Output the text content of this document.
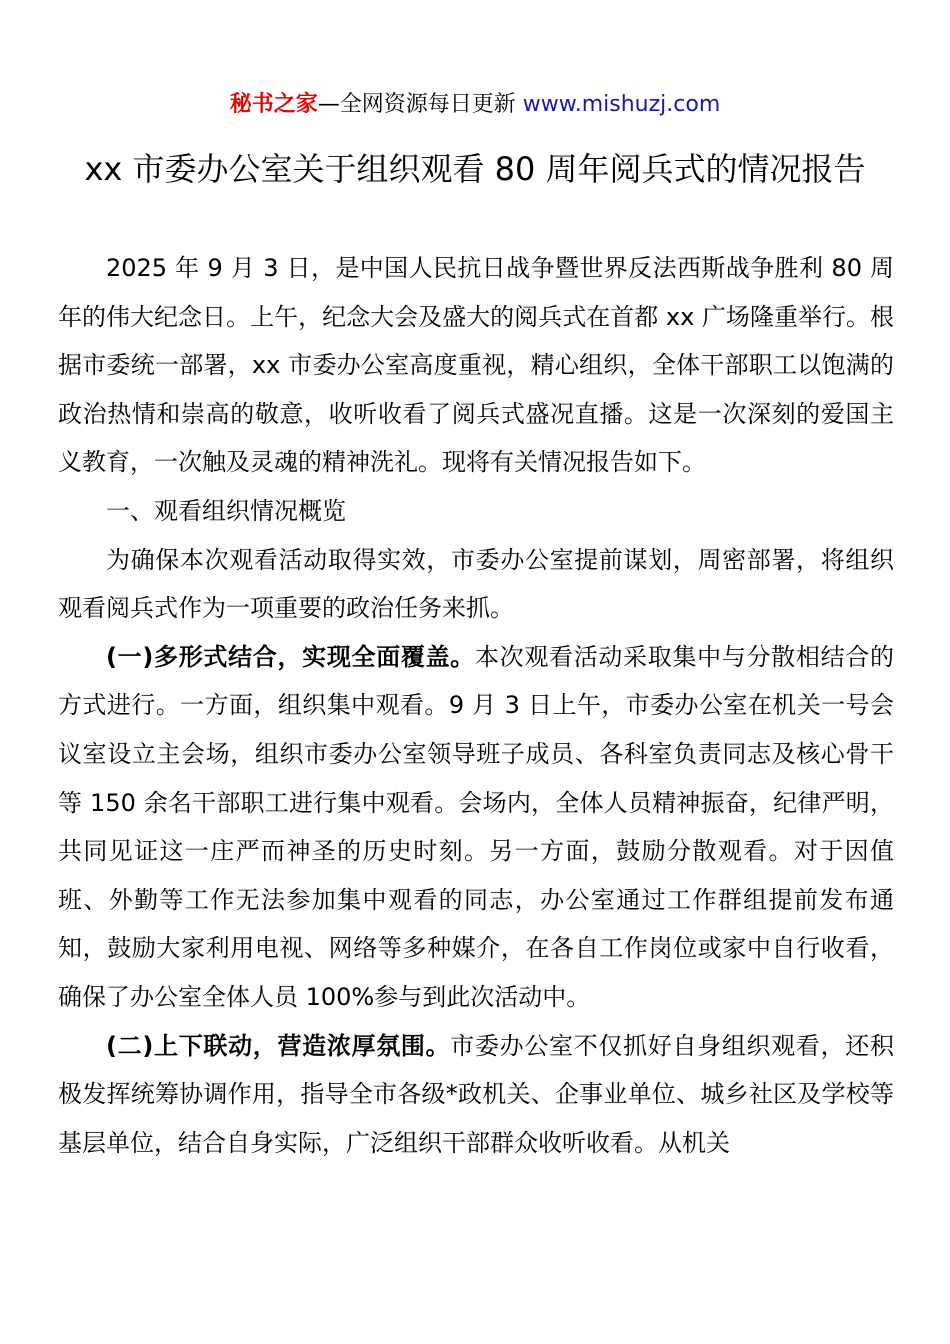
秘书之家—全网资源每日更新 www.mishuzj.com
xx 市委办公室关于组织观看 80 周年阅兵式的情况报告

2025 年 9 月 3 日，是中国人民抗日战争暨世界反法西斯战争胜利 80 周年的伟大纪念日。上午，纪念大会及盛大的阅兵式在首都 xx 广场隆重举行。根据市委统一部署，xx 市委办公室高度重视，精心组织，全体干部职工以饱满的政治热情和崇高的敬意，收听收看了阅兵式盛况直播。这是一次深刻的爱国主义教育，一次触及灵魂的精神洗礼。现将有关情况报告如下。

一、观看组织情况概览

为确保本次观看活动取得实效，市委办公室提前谋划，周密部署，将组织观看阅兵式作为一项重要的政治任务来抓。

(一)多形式结合，实现全面覆盖。本次观看活动采取集中与分散相结合的方式进行。一方面，组织集中观看。9 月 3 日上午，市委办公室在机关一号会议室设立主会场，组织市委办公室领导班子成员、各科室负责同志及核心骨干等 150 余名干部职工进行集中观看。会场内，全体人员精神振奋，纪律严明，共同见证这一庄严而神圣的历史时刻。另一方面，鼓励分散观看。对于因值班、外勤等工作无法参加集中观看的同志，办公室通过工作群组提前发布通知，鼓励大家利用电视、网络等多种媒介，在各自工作岗位或家中自行收看，确保了办公室全体人员 100%参与到此次活动中。

(二)上下联动，营造浓厚氛围。市委办公室不仅抓好自身组织观看，还积极发挥统筹协调作用，指导全市各级*政机关、企事业单位、城乡社区及学校等基层单位，结合自身实际，广泛组织干部群众收听收看。从机关
